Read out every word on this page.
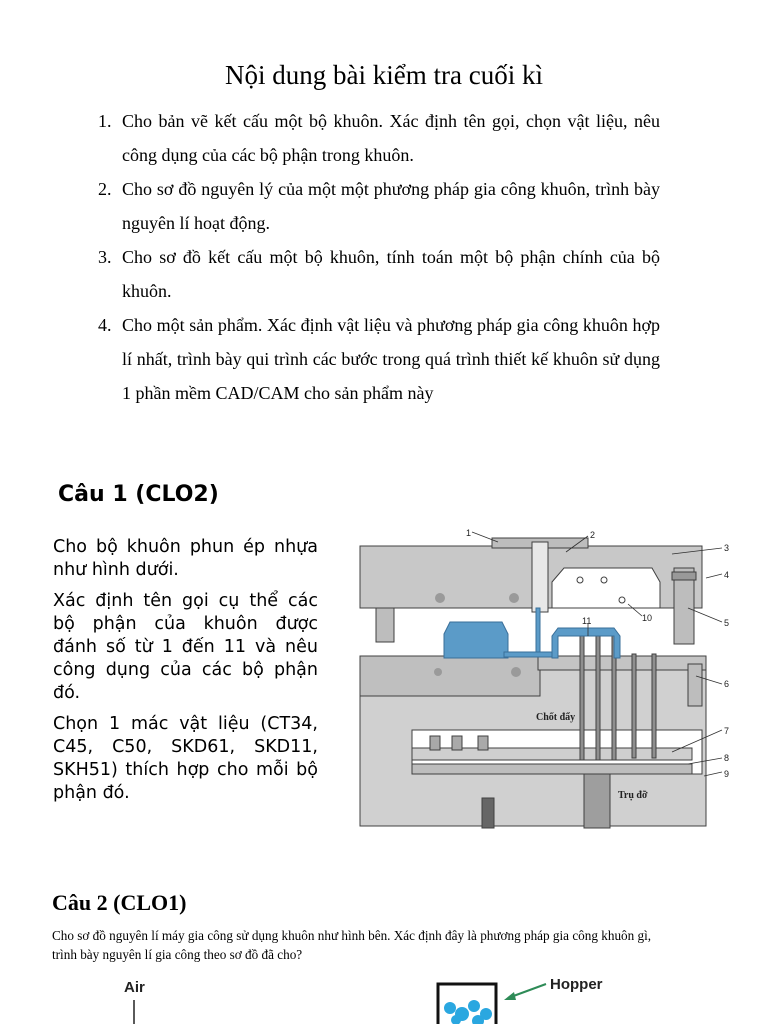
Nội dung bài kiểm tra cuối kì
1. Cho bản vẽ kết cấu một bộ khuôn. Xác định tên gọi, chọn vật liệu, nêu công dụng của các bộ phận trong khuôn.
2. Cho sơ đồ nguyên lý của một một phương pháp gia công khuôn, trình bày nguyên lí hoạt động.
3. Cho sơ đồ kết cấu một bộ khuôn, tính toán một bộ phận chính của bộ khuôn.
4. Cho một sản phẩm. Xác định vật liệu và phương pháp gia công khuôn hợp lí nhất, trình bày qui trình các bước trong quá trình thiết kế khuôn sử dụng 1 phần mềm CAD/CAM cho sản phẩm này
Câu 1 (CLO2)

Cho bộ khuôn phun ép nhựa như hình dưới.

Xác định tên gọi cụ thể các bộ phận của khuôn được đánh số từ 1 đến 11 và nêu công dụng của các bộ phận đó.

Chọn 1 mác vật liệu (CT34, C45, C50, SKD61, SKD11, SKH51) thích hợp cho mỗi bộ phận đó.

1	2
3
4
5
6
7
8
9
10
11
Chốt đẩy
Trụ đỡ
Câu 2 (CLO1)
Cho sơ đồ nguyên lí máy gia công sử dụng khuôn như hình bên. Xác định đây là phương pháp gia công khuôn gì, trình bày nguyên lí gia công theo sơ đồ đã cho?
Air	Hopper
